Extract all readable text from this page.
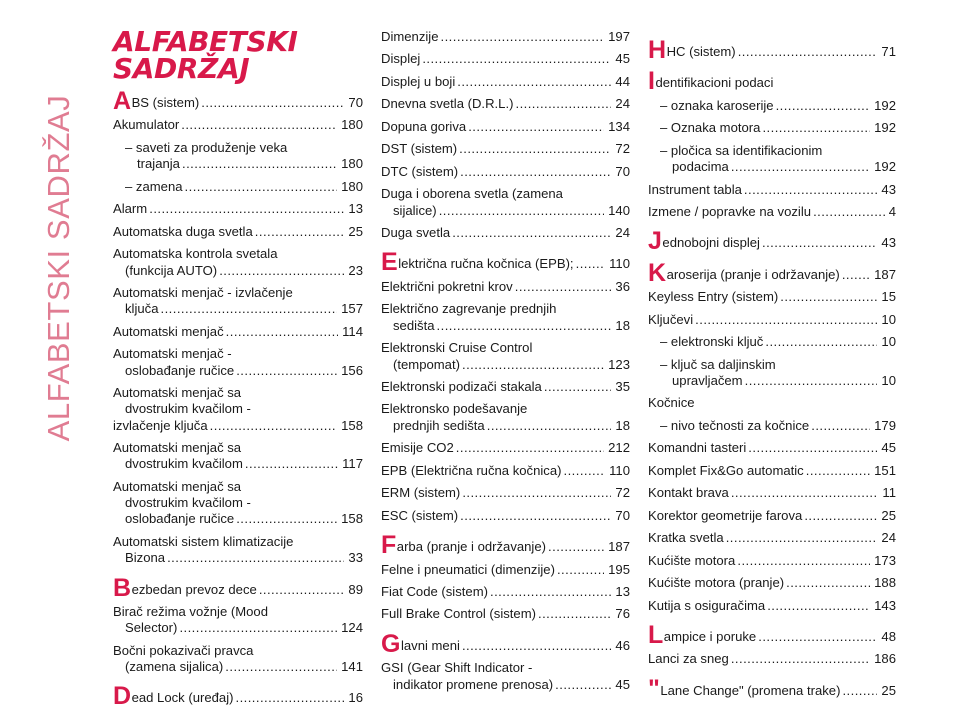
ALFABETSKI SADRŽAJ
ALFABETSKI
SADRŽAJ
ABS (sistem) . . .	70
Akumulator . . .	180
– saveti za produženje veka
trajanja . . .	180
– zamena . . .	180
Alarm . . .	13
Automatska duga svetla . . .	25
Automatska kontrola svetala
(funkcija AUTO) . . .	23
Automatski menjač - izvlačenje
ključa . . .	157
Automatski menjač . . .	114
Automatski menjač -
oslobađanje ručice . . .	156
Automatski menjač sa
dvostrukim kvačilom -
izvlačenje ključa . . .	158
Automatski menjač sa
dvostrukim kvačilom . . .	117
Automatski menjač sa
dvostrukim kvačilom -
oslobađanje ručice . . .	158
Automatski sistem klimatizacije
Bizona . . .	33
Bezbedan prevoz dece . . .	89
Birač režima vožnje (Mood
Selector) . . .	124
Bočni pokazivači pravca
(zamena sijalica) . . .	141
Dead Lock (uređaj) . . .	16
Dimenzije . . .	197
Displej . . .	45
Displej u boji . . .	44
Dnevna svetla (D.R.L.) . . .	24
Dopuna goriva . . .	134
DST (sistem) . . .	72
DTC (sistem) . . .	70
Duga i oborena svetla (zamena
sijalice) . . .	140
Duga svetla . . .	24
Električna ručna kočnica (EPB); . . .	110
Električni pokretni krov . . .	36
Električno zagrevanje prednjih
sedišta . . .	18
Elektronski Cruise Control
(tempomat) . . .	123
Elektronski podizači stakala . . .	35
Elektronsko podešavanje
prednjih sedišta . . .	18
Emisije CO2 . . .	212
EPB (Električna ručna kočnica) . . .	110
ERM (sistem) . . .	72
ESC (sistem) . . .	70
Farba (pranje i održavanje) . . .	187
Felne i pneumatici (dimenzije) . . .	195
Fiat Code (sistem) . . .	13
Full Brake Control (sistem) . . .	76
Glavni meni . . .	46
GSI (Gear Shift Indicator -
indikator promene prenosa) . . .	45
HHC (sistem) . . .	71
Identifikacioni podaci
– oznaka karoserije . . .	192
– Oznaka motora . . .	192
– pločica sa identifikacionim
podacima . . .	192
Instrument tabla . . .	43
Izmene / popravke na vozilu . . .	4
Jednobojni displej . . .	43
Karoserija (pranje i održavanje) . . .	187
Keyless Entry (sistem) . . .	15
Ključevi . . .	10
– elektronski ključ . . .	10
– ključ sa daljinskim
upravljačem . . .	10
Kočnice
– nivo tečnosti za kočnice . . .	179
Komandni tasteri . . .	45
Komplet Fix&Go automatic . . .	151
Kontakt brava . . .	11
Korektor geometrije farova . . .	25
Kratka svetla . . .	24
Kućište motora . . .	173
Kućište motora (pranje) . . .	188
Kutija s osiguračima . . .	143
Lampice i poruke . . .	48
Lanci za sneg . . .	186
"Lane Change" (promena trake) . . .	25
